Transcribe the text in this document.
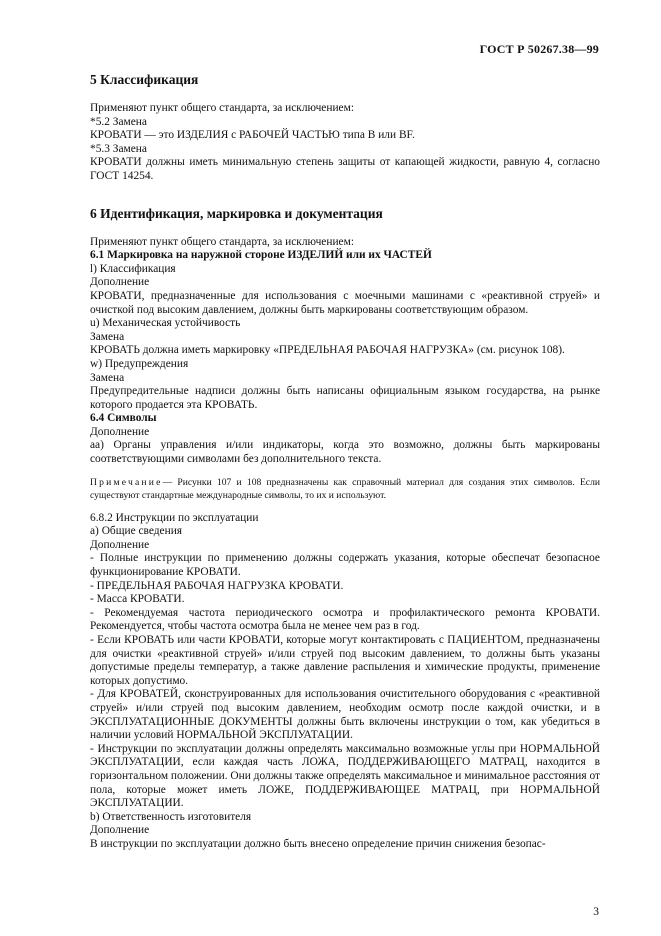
ГОСТ Р 50267.38—99
5 Классификация

Применяют пункт общего стандарта, за исключением:

*5.2 Замена

КРОВАТИ — это ИЗДЕЛИЯ с РАБОЧЕЙ ЧАСТЬЮ типа B или BF.

*5.3 Замена

КРОВАТИ должны иметь минимальную степень защиты от капающей жидкости, равную 4, согласно ГОСТ 14254.

6 Идентификация, маркировка и документация

Применяют пункт общего стандарта, за исключением:

6.1 Маркировка на наружной стороне ИЗДЕЛИЙ или их ЧАСТЕЙ

l) Классификация

Дополнение

КРОВАТИ, предназначенные для использования с моечными машинами с «реактивной струей» и очисткой под высоким давлением, должны быть маркированы соответствующим образом.

u) Механическая устойчивость

Замена

КРОВАТЬ должна иметь маркировку «ПРЕДЕЛЬНАЯ РАБОЧАЯ НАГРУЗКА» (см. рисунок 108).

w) Предупреждения

Замена

Предупредительные надписи должны быть написаны официальным языком государства, на рынке которого продается эта КРОВАТЬ.

6.4 Символы

Дополнение

аа) Органы управления и/или индикаторы, когда это возможно, должны быть маркированы соответствующими символами без дополнительного текста.

Примечание— Рисунки 107 и 108 предназначены как справочный материал для создания этих символов. Если существуют стандартные международные символы, то их и используют.

6.8.2 Инструкции по эксплуатации

а) Общие сведения

Дополнение

- Полные инструкции по применению должны содержать указания, которые обеспечат безопасное функционирование КРОВАТИ.

- ПРЕДЕЛЬНАЯ РАБОЧАЯ НАГРУЗКА КРОВАТИ.

- Масса КРОВАТИ.

- Рекомендуемая частота периодического осмотра и профилактического ремонта КРОВАТИ. Рекомендуется, чтобы частота осмотра была не менее чем раз в год.

- Если КРОВАТЬ или части КРОВАТИ, которые могут контактировать с ПАЦИЕНТОМ, предназначены для очистки «реактивной струей» и/или струей под высоким давлением, то должны быть указаны допустимые пределы температур, а также давление распыления и химические продукты, применение которых допустимо.

- Для КРОВАТЕЙ, сконструированных для использования очистительного оборудования с «реактивной струей» и/или струей под высоким давлением, необходим осмотр после каждой очистки, и в ЭКСПЛУАТАЦИОННЫЕ ДОКУМЕНТЫ должны быть включены инструкции о том, как убедиться в наличии условий НОРМАЛЬНОЙ ЭКСПЛУАТАЦИИ.

- Инструкции по эксплуатации должны определять максимально возможные углы при НОРМАЛЬНОЙ ЭКСПЛУАТАЦИИ, если каждая часть ЛОЖА, ПОДДЕРЖИВАЮЩЕГО МАТРАЦ, находится в горизонтальном положении. Они должны также определять максимальное и минимальное расстояния от пола, которые может иметь ЛОЖЕ, ПОДДЕРЖИВАЮЩЕЕ МАТРАЦ, при НОРМАЛЬНОЙ ЭКСПЛУАТАЦИИ.

b) Ответственность изготовителя

Дополнение

В инструкции по эксплуатации должно быть внесено определение причин снижения безопас-

3
